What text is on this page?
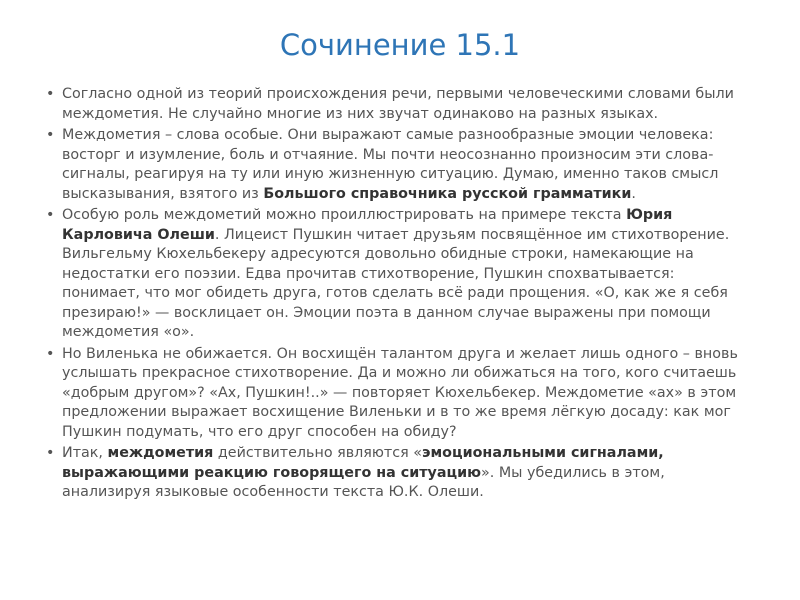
Сочинение 15.1

• Согласно одной из теорий происхождения речи, первыми человеческими словами были междометия. Не случайно многие из них звучат одинаково на разных языках.

• Междометия – слова особые. Они выражают самые разнообразные эмоции человека: восторг и изумление, боль и отчаяние. Мы почти неосознанно произносим эти слова-сигналы, реагируя на ту или иную жизненную ситуацию. Думаю, именно таков смысл высказывания, взятого из Большого справочника русской грамматики.

• Особую роль междометий можно проиллюстрировать на примере текста Юрия Карловича Олеши. Лицеист Пушкин читает друзьям посвящённое им стихотворение. Вильгельму Кюхельбекеру адресуются довольно обидные строки, намекающие на недостатки его поэзии. Едва прочитав стихотворение, Пушкин спохватывается: понимает, что мог обидеть друга, готов сделать всё ради прощения. «О, как же я себя презираю!» — восклицает он. Эмоции поэта в данном случае выражены при помощи междометия «о».

• Но Виленька не обижается. Он восхищён талантом друга и желает лишь одного – вновь услышать прекрасное стихотворение. Да и можно ли обижаться на того, кого считаешь «добрым другом»? «Ах, Пушкин!..» — повторяет Кюхельбекер. Междометие «ах» в этом предложении выражает восхищение Виленьки и в то же время лёгкую досаду: как мог Пушкин подумать, что его друг способен на обиду?

• Итак, междометия действительно являются «эмоциональными сигналами, выражающими реакцию говорящего на ситуацию». Мы убедились в этом, анализируя языковые особенности текста Ю.К. Олеши.
